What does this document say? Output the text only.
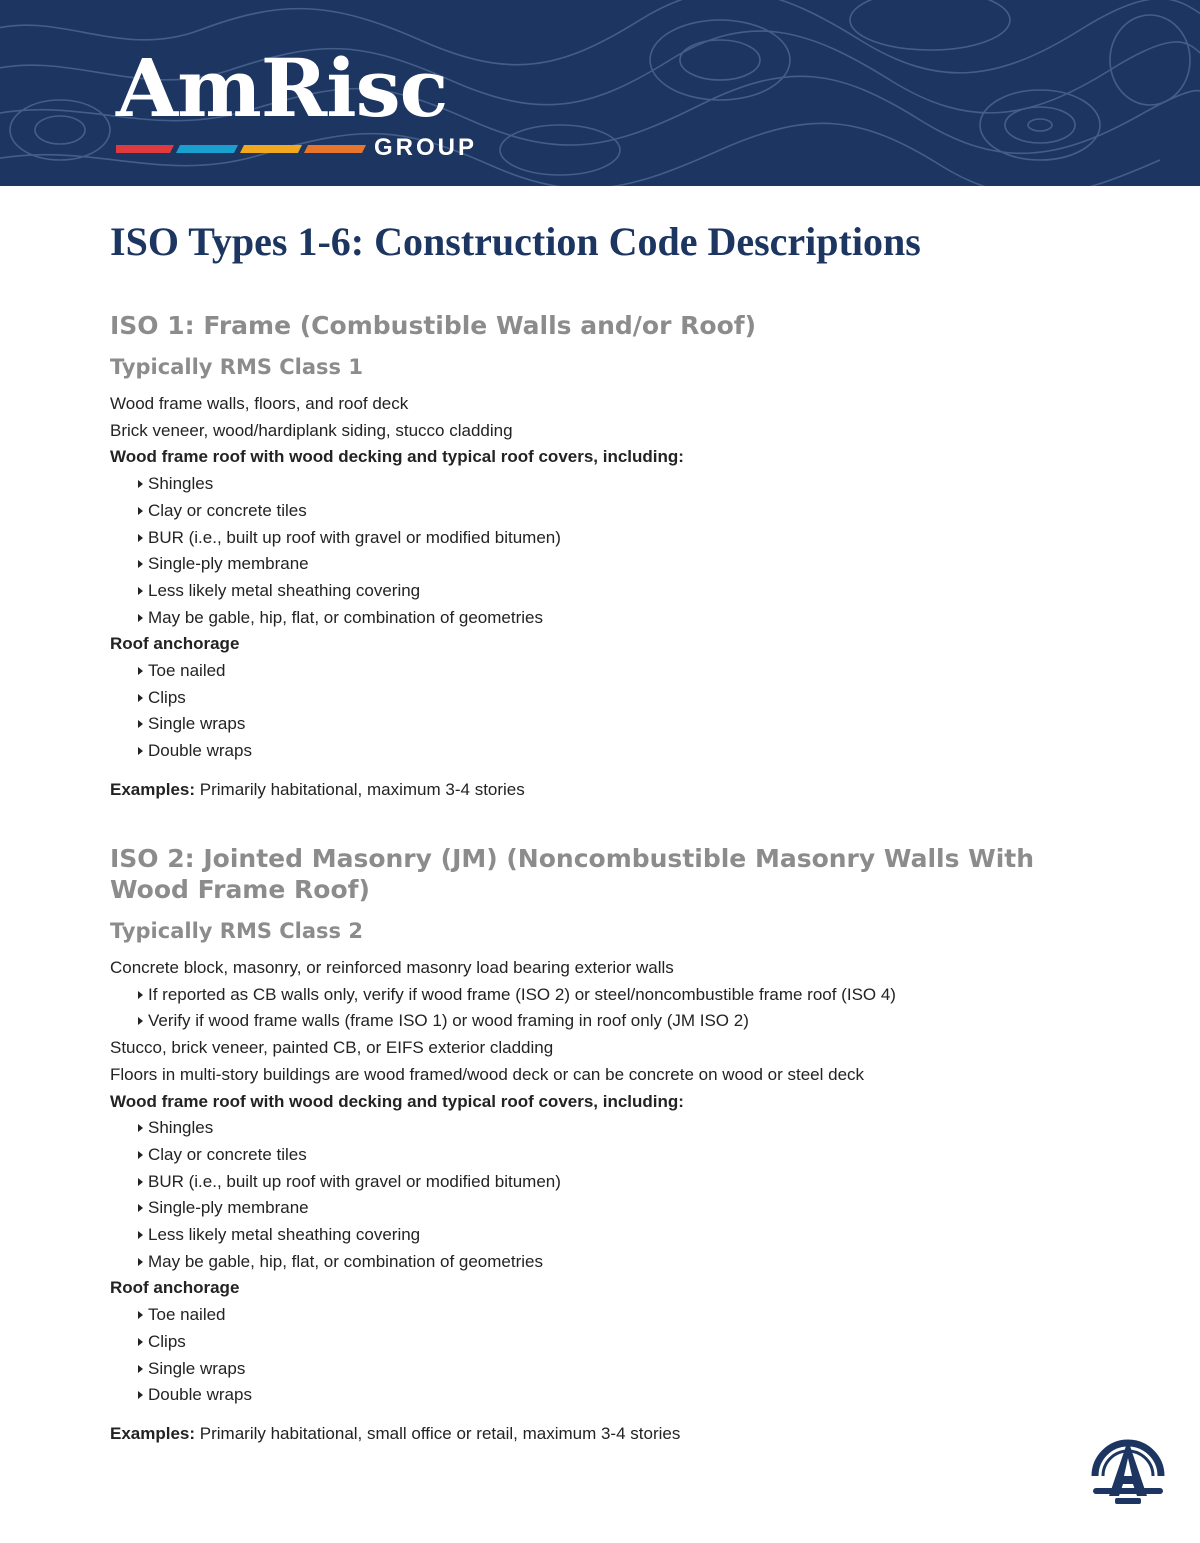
AmRisc
GROUP
ISO Types 1-6: Construction Code Descriptions
ISO 1: Frame (Combustible Walls and/or Roof)
Typically RMS Class 1
Wood frame walls, floors, and roof deck
Brick veneer, wood/hardiplank siding, stucco cladding
Wood frame roof with wood decking and typical roof covers, including:
Shingles
Clay or concrete tiles
BUR (i.e., built up roof with gravel or modified bitumen)
Single-ply membrane
Less likely metal sheathing covering
May be gable, hip, flat, or combination of geometries
Roof anchorage
Toe nailed
Clips
Single wraps
Double wraps
Examples: Primarily habitational, maximum 3-4 stories
ISO 2: Jointed Masonry (JM) (Noncombustible Masonry Walls With Wood Frame Roof)
Typically RMS Class 2
Concrete block, masonry, or reinforced masonry load bearing exterior walls
If reported as CB walls only, verify if wood frame (ISO 2) or steel/noncombustible frame roof (ISO 4)
Verify if wood frame walls (frame ISO 1) or wood framing in roof only (JM ISO 2)
Stucco, brick veneer, painted CB, or EIFS exterior cladding
Floors in multi-story buildings are wood framed/wood deck or can be concrete on wood or steel deck
Wood frame roof with wood decking and typical roof covers, including:
Shingles
Clay or concrete tiles
BUR (i.e., built up roof with gravel or modified bitumen)
Single-ply membrane
Less likely metal sheathing covering
May be gable, hip, flat, or combination of geometries
Roof anchorage
Toe nailed
Clips
Single wraps
Double wraps
Examples: Primarily habitational, small office or retail, maximum 3-4 stories
